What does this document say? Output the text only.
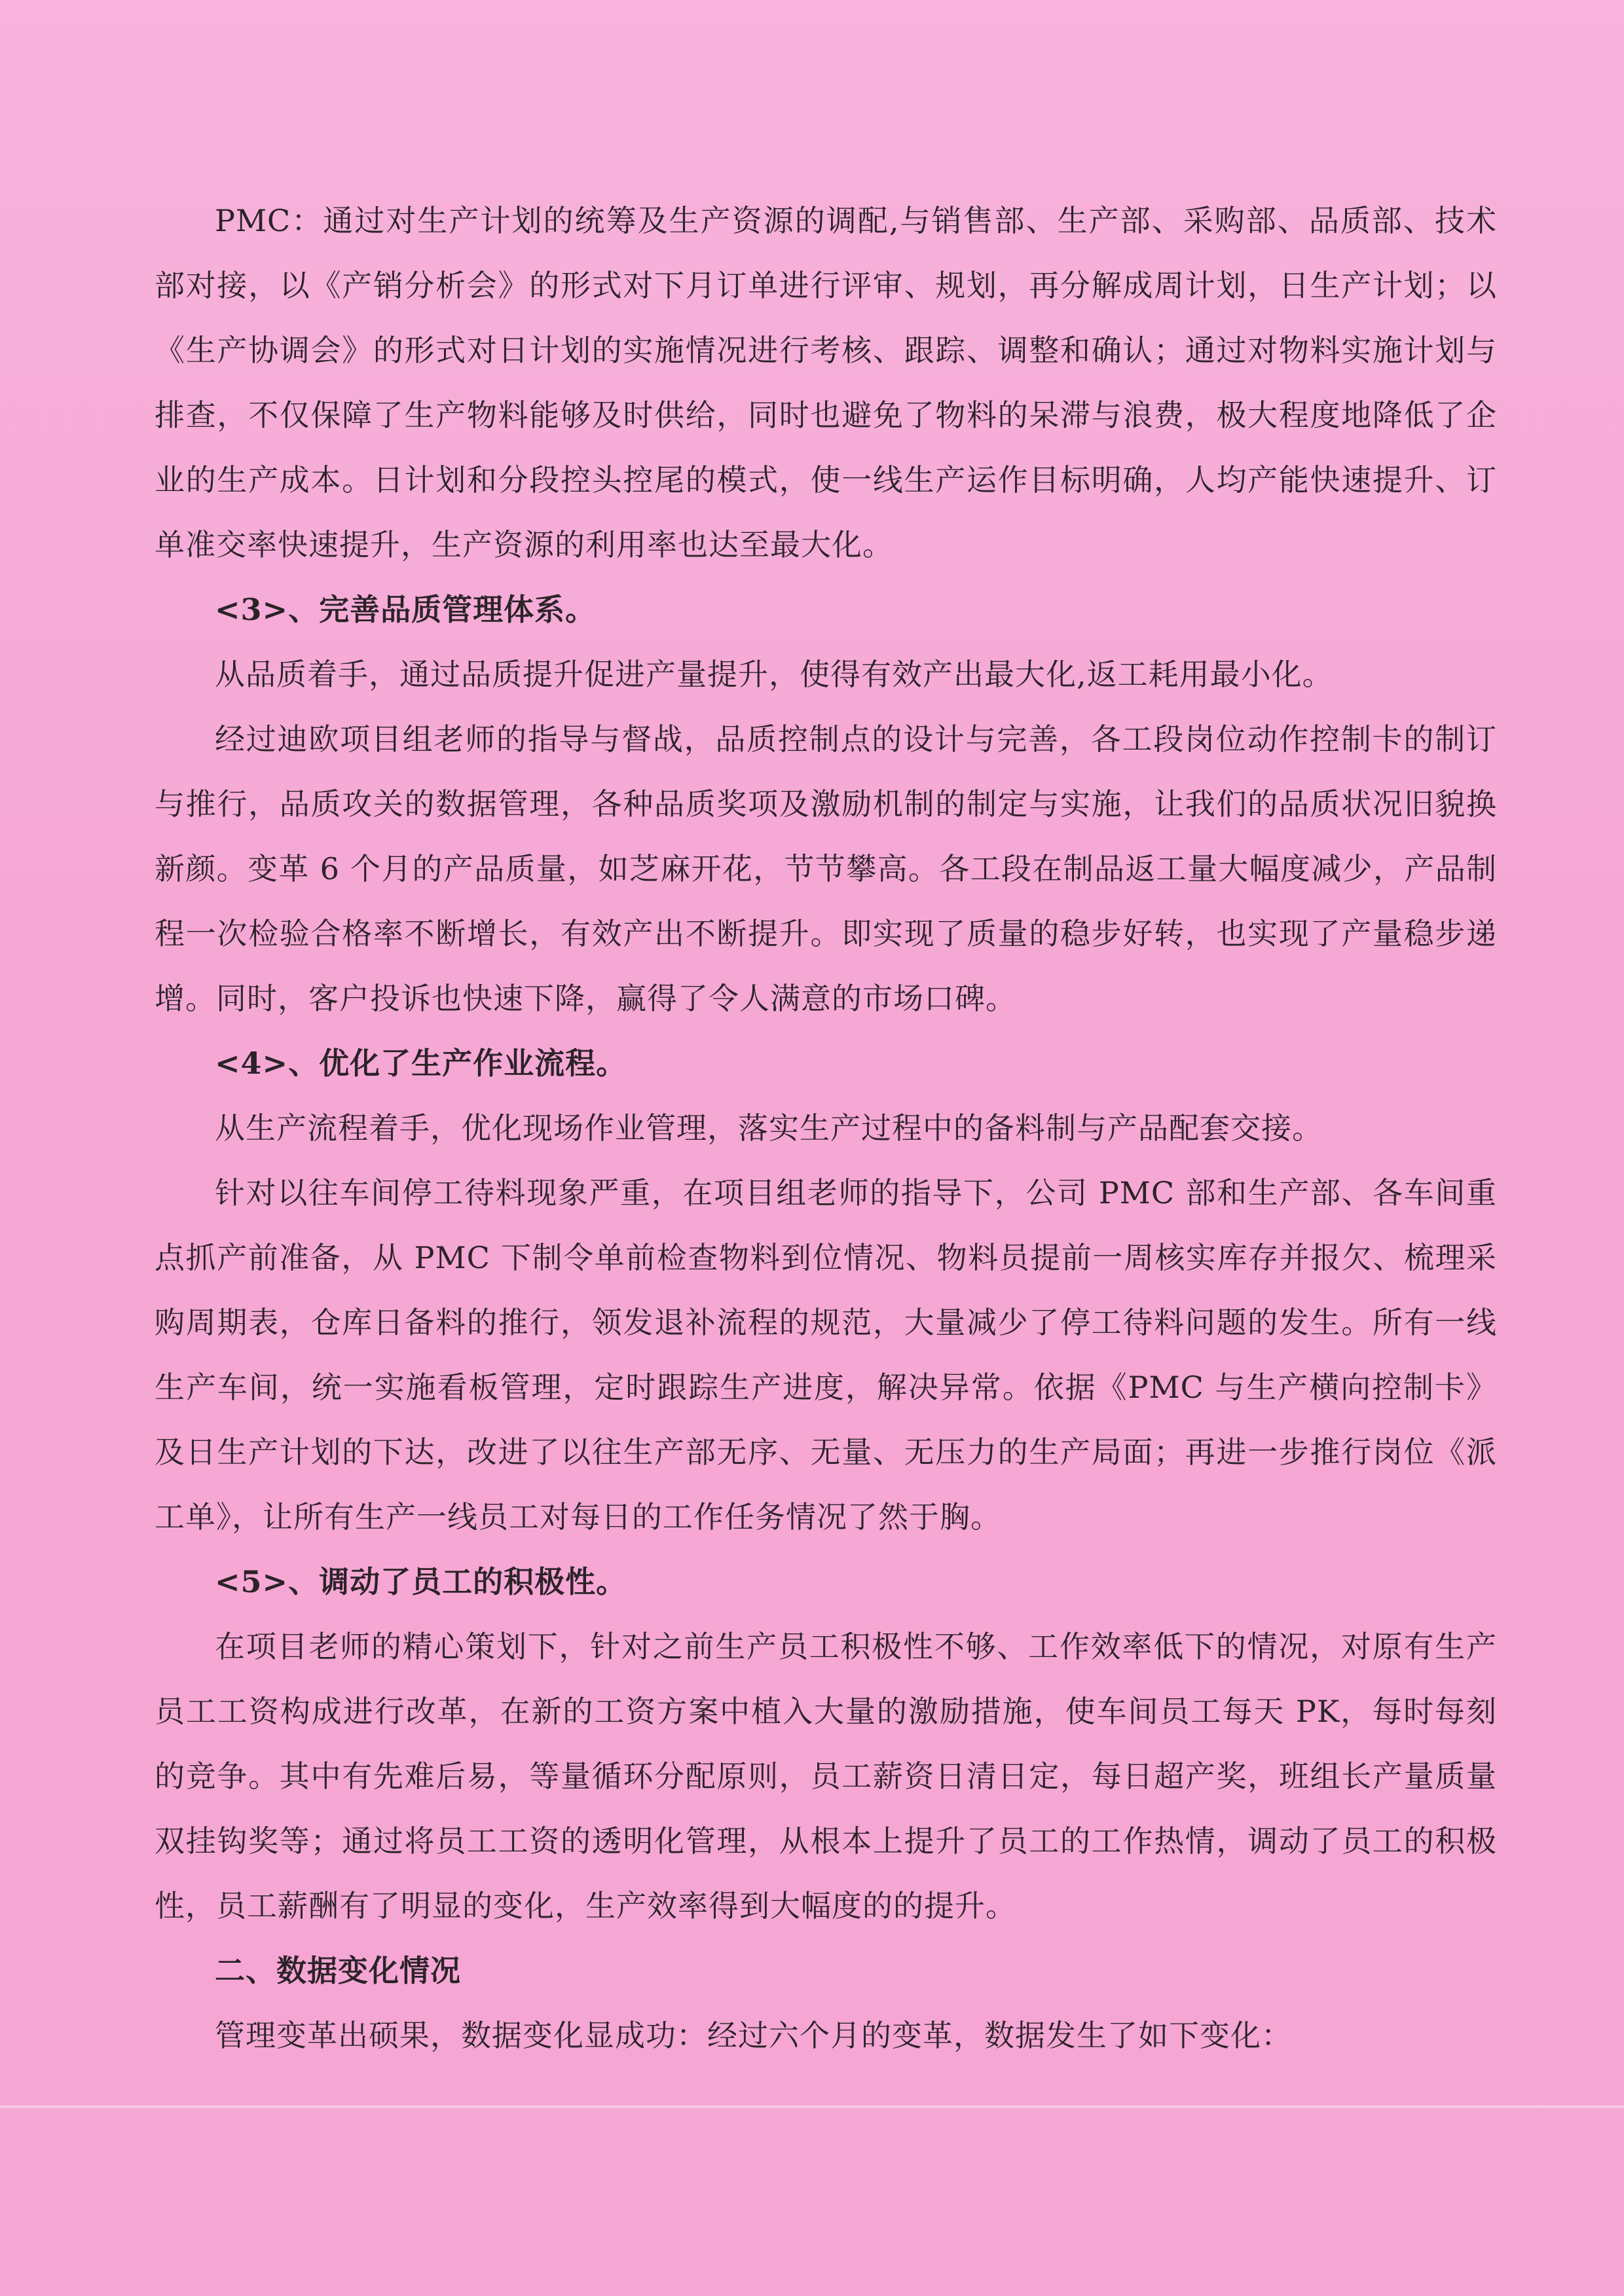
PMC：通过对生产计划的统筹及生产资源的调配,与销售部、生产部、采购部、品质部、技术部对接，以《产销分析会》的形式对下月订单进行评审、规划，再分解成周计划，日生产计划；以《生产协调会》的形式对日计划的实施情况进行考核、跟踪、调整和确认；通过对物料实施计划与排查，不仅保障了生产物料能够及时供给，同时也避免了物料的呆滞与浪费，极大程度地降低了企业的生产成本。日计划和分段控头控尾的模式，使一线生产运作目标明确，人均产能快速提升、订单准交率快速提升，生产资源的利用率也达至最大化。

<3>、完善品质管理体系。

从品质着手，通过品质提升促进产量提升，使得有效产出最大化,返工耗用最小化。

经过迪欧项目组老师的指导与督战，品质控制点的设计与完善，各工段岗位动作控制卡的制订与推行，品质攻关的数据管理，各种品质奖项及激励机制的制定与实施，让我们的品质状况旧貌换新颜。变革 6 个月的产品质量，如芝麻开花，节节攀高。各工段在制品返工量大幅度减少，产品制程一次检验合格率不断增长，有效产出不断提升。即实现了质量的稳步好转，也实现了产量稳步递增。同时，客户投诉也快速下降，赢得了令人满意的市场口碑。

<4>、优化了生产作业流程。

从生产流程着手，优化现场作业管理，落实生产过程中的备料制与产品配套交接。

针对以往车间停工待料现象严重，在项目组老师的指导下，公司 PMC 部和生产部、各车间重点抓产前准备，从 PMC 下制令单前检查物料到位情况、物料员提前一周核实库存并报欠、梳理采购周期表，仓库日备料的推行，领发退补流程的规范，大量减少了停工待料问题的发生。所有一线生产车间，统一实施看板管理，定时跟踪生产进度，解决异常。依据《PMC 与生产横向控制卡》及日生产计划的下达，改进了以往生产部无序、无量、无压力的生产局面；再进一步推行岗位《派工单》，让所有生产一线员工对每日的工作任务情况了然于胸。

<5>、调动了员工的积极性。

在项目老师的精心策划下，针对之前生产员工积极性不够、工作效率低下的情况，对原有生产员工工资构成进行改革，在新的工资方案中植入大量的激励措施，使车间员工每天 PK，每时每刻的竞争。其中有先难后易，等量循环分配原则，员工薪资日清日定，每日超产奖，班组长产量质量双挂钩奖等；通过将员工工资的透明化管理，从根本上提升了员工的工作热情，调动了员工的积极性，员工薪酬有了明显的变化，生产效率得到大幅度的的提升。

二、数据变化情况

管理变革出硕果，数据变化显成功：经过六个月的变革，数据发生了如下变化：
